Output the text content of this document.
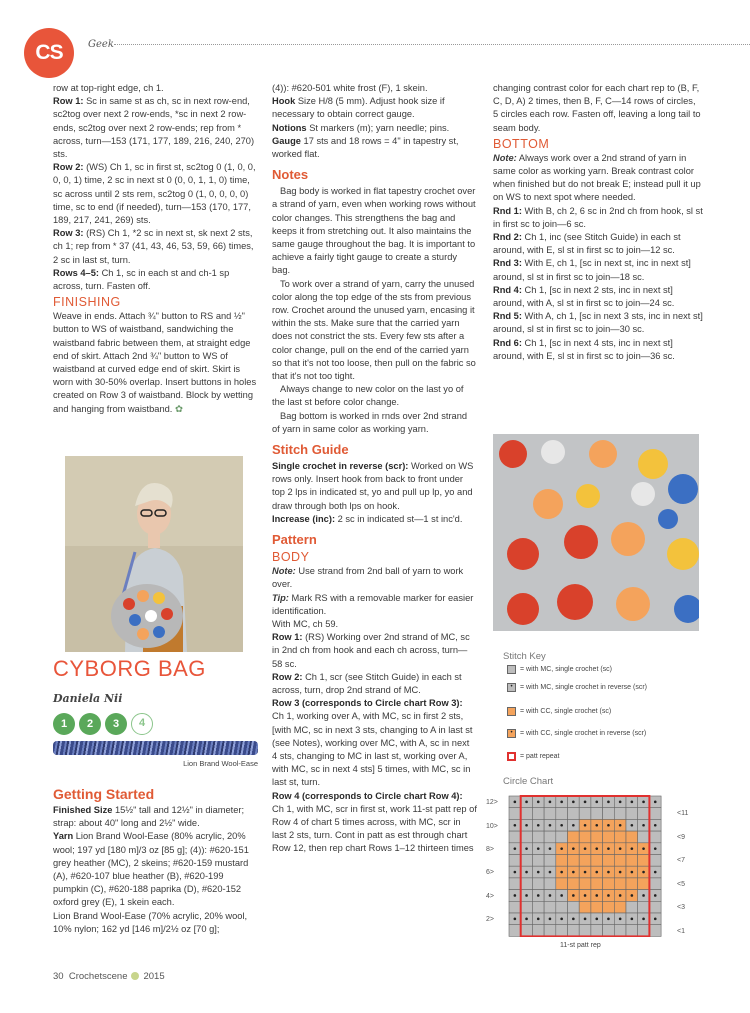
CS	Geek

row at top-right edge, ch 1.

Row 1: Sc in same st as ch, sc in next row-end, sc2tog over next 2 row-ends, *sc in next 2 row-ends, sc2tog over next 2 row-ends; rep from * across, turn—153 (171, 177, 189, 216, 240, 270) sts.

Row 2: (WS) Ch 1, sc in first st, sc2tog 0 (1, 0, 0, 0, 0, 1) time, 2 sc in next st 0 (0, 0, 1, 1, 0) time, sc across until 2 sts rem, sc2tog 0 (1, 0, 0, 0, 0) time, sc to end (if needed), turn—153 (170, 177, 189, 217, 241, 269) sts.

Row 3: (RS) Ch 1, *2 sc in next st, sk next 2 sts, ch 1; rep from * 37 (41, 43, 46, 53, 59, 66) times, 2 sc in last st, turn.

Rows 4–5: Ch 1, sc in each st and ch-1 sp across, turn. Fasten off.

FINISHING

Weave in ends. Attach ¾" button to RS and ½" button to WS of waistband, sandwiching the waistband fabric between them, at straight edge end of skirt. Attach 2nd ¾" button to WS of waistband at curved edge end of skirt. Skirt is worn with 30-50% overlap. Insert buttons in holes created on Row 3 of waistband. Block by wetting and hanging from waistband. ✿

CYBORG BAG
Daniela Nii
1	2	3	4
Lion Brand Wool-Ease
Getting Started

Finished Size 15½" tall and 12½" in diameter; strap: about 40" long and 2½" wide.

Yarn Lion Brand Wool-Ease (80% acrylic, 20% wool; 197 yd [180 m]/3 oz [85 g]; (4)): #620-151 grey heather (MC), 2 skeins; #620-159 mustard (A), #620-107 blue heather (B), #620-199 pumpkin (C), #620-188 paprika (D), #620-152 oxford grey (E), 1 skein each.

Lion Brand Wool-Ease (70% acrylic, 20% wool, 10% nylon; 162 yd [146 m]/2½ oz [70 g];

(4)): #620-501 white frost (F), 1 skein.

Hook Size H/8 (5 mm). Adjust hook size if necessary to obtain correct gauge.

Notions St markers (m); yarn needle; pins.

Gauge 17 sts and 18 rows = 4" in tapestry st, worked flat.

Notes

Bag body is worked in flat tapestry crochet over a strand of yarn, even when working rows without color changes. This strengthens the bag and keeps it from stretching out. It also maintains the same gauge throughout the bag. It is important to achieve a fairly tight gauge to create a sturdy bag.

To work over a strand of yarn, carry the unused color along the top edge of the sts from previous row. Crochet around the unused yarn, encasing it within the sts. Make sure that the carried yarn does not constrict the sts. Every few sts after a color change, pull on the end of the carried yarn so that it's not too loose, then pull on the fabric so that it's not too tight.

Always change to new color on the last yo of the last st before color change.

Bag bottom is worked in rnds over 2nd strand of yarn in same color as working yarn.

Stitch Guide

Single crochet in reverse (scr): Worked on WS rows only. Insert hook from back to front under top 2 lps in indicated st, yo and pull up lp, yo and draw through both lps on hook.

Increase (inc): 2 sc in indicated st—1 st inc'd.

Pattern
BODY

Note: Use strand from 2nd ball of yarn to work over.

Tip: Mark RS with a removable marker for easier identification.

With MC, ch 59.

Row 1: (RS) Working over 2nd strand of MC, sc in 2nd ch from hook and each ch across, turn—58 sc.

Row 2: Ch 1, scr (see Stitch Guide) in each st across, turn, drop 2nd strand of MC.

Row 3 (corresponds to Circle chart Row 3):

Ch 1, working over A, with MC, sc in first 2 sts, [with MC, sc in next 3 sts, changing to A in last st (see Notes), working over MC, with A, sc in next 4 sts, changing to MC in last st, working over A, with MC, sc in next 4 sts] 5 times, with MC, sc in last st, turn.

Row 4 (corresponds to Circle chart Row 4):

Ch 1, with MC, scr in first st, work 11-st patt rep of Row 4 of chart 5 times across, with MC, scr in last 2 sts, turn. Cont in patt as est through chart Row 12, then rep chart Rows 1–12 thirteen times

changing contrast color for each chart rep to (B, F, C, D, A) 2 times, then B, F, C—14 rows of circles, 5 circles each row. Fasten off, leaving a long tail to seam body.

BOTTOM

Note: Always work over a 2nd strand of yarn in same color as working yarn. Break contrast color when finished but do not break E; instead pull it up on WS to next spot where needed.

Rnd 1: With B, ch 2, 6 sc in 2nd ch from hook, sl st in first sc to join—6 sc.

Rnd 2: Ch 1, inc (see Stitch Guide) in each st around, with E, sl st in first sc to join—12 sc.

Rnd 3: With E, ch 1, [sc in next st, inc in next st] around, sl st in first sc to join—18 sc.

Rnd 4: Ch 1, [sc in next 2 sts, inc in next st] around, with A, sl st in first sc to join—24 sc.

Rnd 5: With A, ch 1, [sc in next 3 sts, inc in next st] around, sl st in first sc to join—30 sc.

Rnd 6: Ch 1, [sc in next 4 sts, inc in next st] around, with E, sl st in first sc to join—36 sc.

Stitch Key
= with MC, single crochet (sc)
•	= with MC, single crochet in reverse (scr)
= with CC, single crochet (sc)
•	= with CC, single crochet in reverse (scr)
= patt repeat
Circle Chart
12>
10>
8>
6>
4>
2>
<11
<9
<7
<5
<3
<1
11-st patt rep
30 Crochetscene 2015
